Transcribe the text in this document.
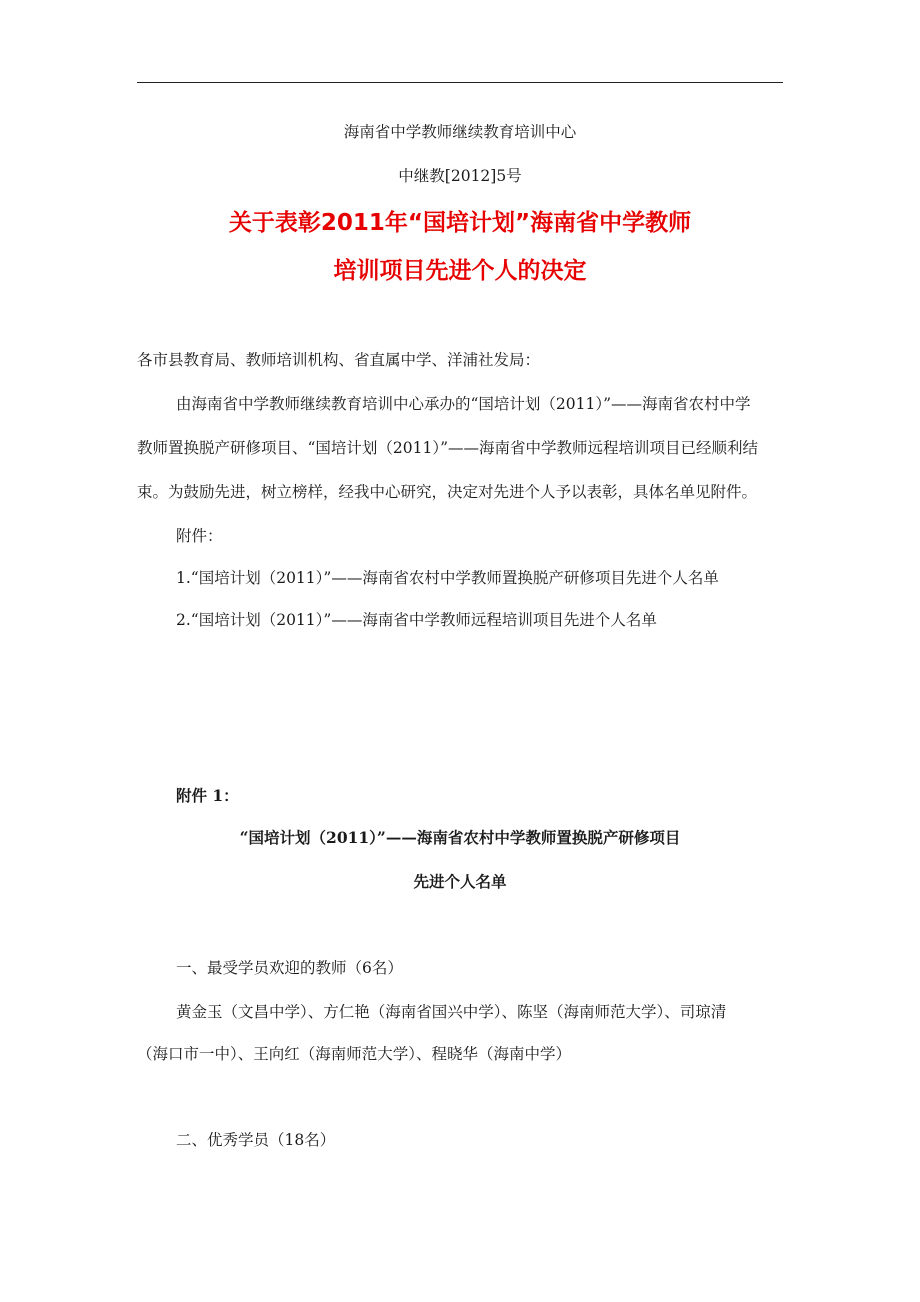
海南省中学教师继续教育培训中心
中继教[2012]5号
关于表彰2011年“国培计划”海南省中学教师
培训项目先进个人的决定
各市县教育局、教师培训机构、省直属中学、洋浦社发局：
由海南省中学教师继续教育培训中心承办的“国培计划（2011）”——海南省农村中学
教师置换脱产研修项目、“国培计划（2011）”——海南省中学教师远程培训项目已经顺利结
束。为鼓励先进，树立榜样，经我中心研究，决定对先进个人予以表彰，具体名单见附件。
附件：
1.“国培计划（2011）”——海南省农村中学教师置换脱产研修项目先进个人名单
2.“国培计划（2011）”——海南省中学教师远程培训项目先进个人名单
附件 1：
“国培计划（2011）”——海南省农村中学教师置换脱产研修项目
先进个人名单
一、最受学员欢迎的教师（6名）
黄金玉（文昌中学）、方仁艳（海南省国兴中学）、陈坚（海南师范大学）、司琼清
（海口市一中）、王向红（海南师范大学）、程晓华（海南中学）
二、优秀学员（18名）
